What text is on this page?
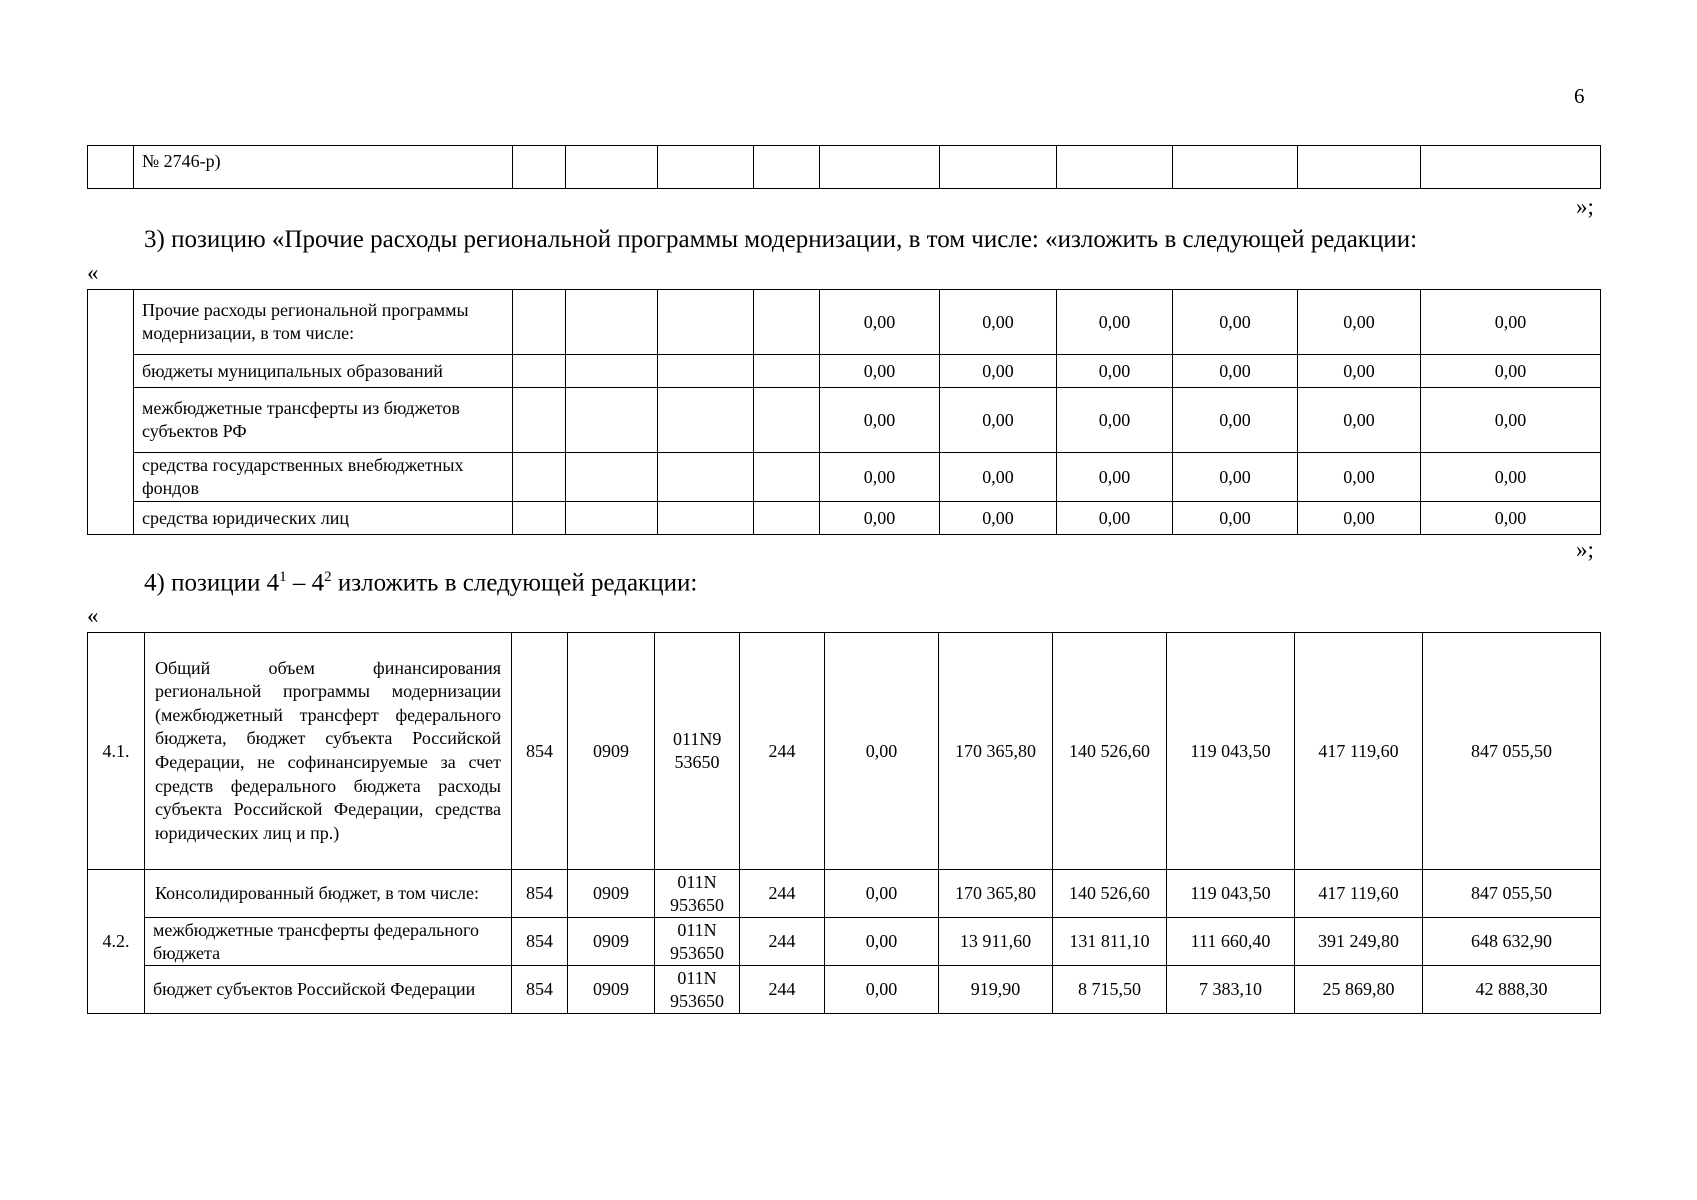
6
	№ 2746-р)										
»;
3) позицию «Прочие расходы региональной программы модернизации, в том числе: «изложить в следующей редакции:
«
	Прочие расходы региональной программы модернизации, в том числе:					0,00	0,00	0,00	0,00	0,00	0,00
	бюджеты муниципальных образований					0,00	0,00	0,00	0,00	0,00	0,00
	межбюджетные трансферты из бюджетов субъектов РФ					0,00	0,00	0,00	0,00	0,00	0,00
	средства государственных внебюджетных фондов					0,00	0,00	0,00	0,00	0,00	0,00
	средства юридических лиц					0,00	0,00	0,00	0,00	0,00	0,00
»;
4) позиции $4^1 - 4^2$ изложить в следующей редакции:
«
4.1.	Общий объем финансирования региональной программы модернизации (межбюджетный трансферт федерального бюджета, бюджет субъекта Российской Федерации, не софинансируемые за счет средств федерального бюджета расходы субъекта Российской Федерации, средства юридических лиц и пр.)	854	0909	011N9 53650	244	0,00	170 365,80	140 526,60	119 043,50	417 119,60	847 055,50
4.2.	Консолидированный бюджет, в том числе:	854	0909	011N 953650	244	0,00	170 365,80	140 526,60	119 043,50	417 119,60	847 055,50
	межбюджетные трансферты федерального бюджета	854	0909	011N 953650	244	0,00	13 911,60	131 811,10	111 660,40	391 249,80	648 632,90
	бюджет субъектов Российской Федерации	854	0909	011N 953650	244	0,00	919,90	8 715,50	7 383,10	25 869,80	42 888,30
